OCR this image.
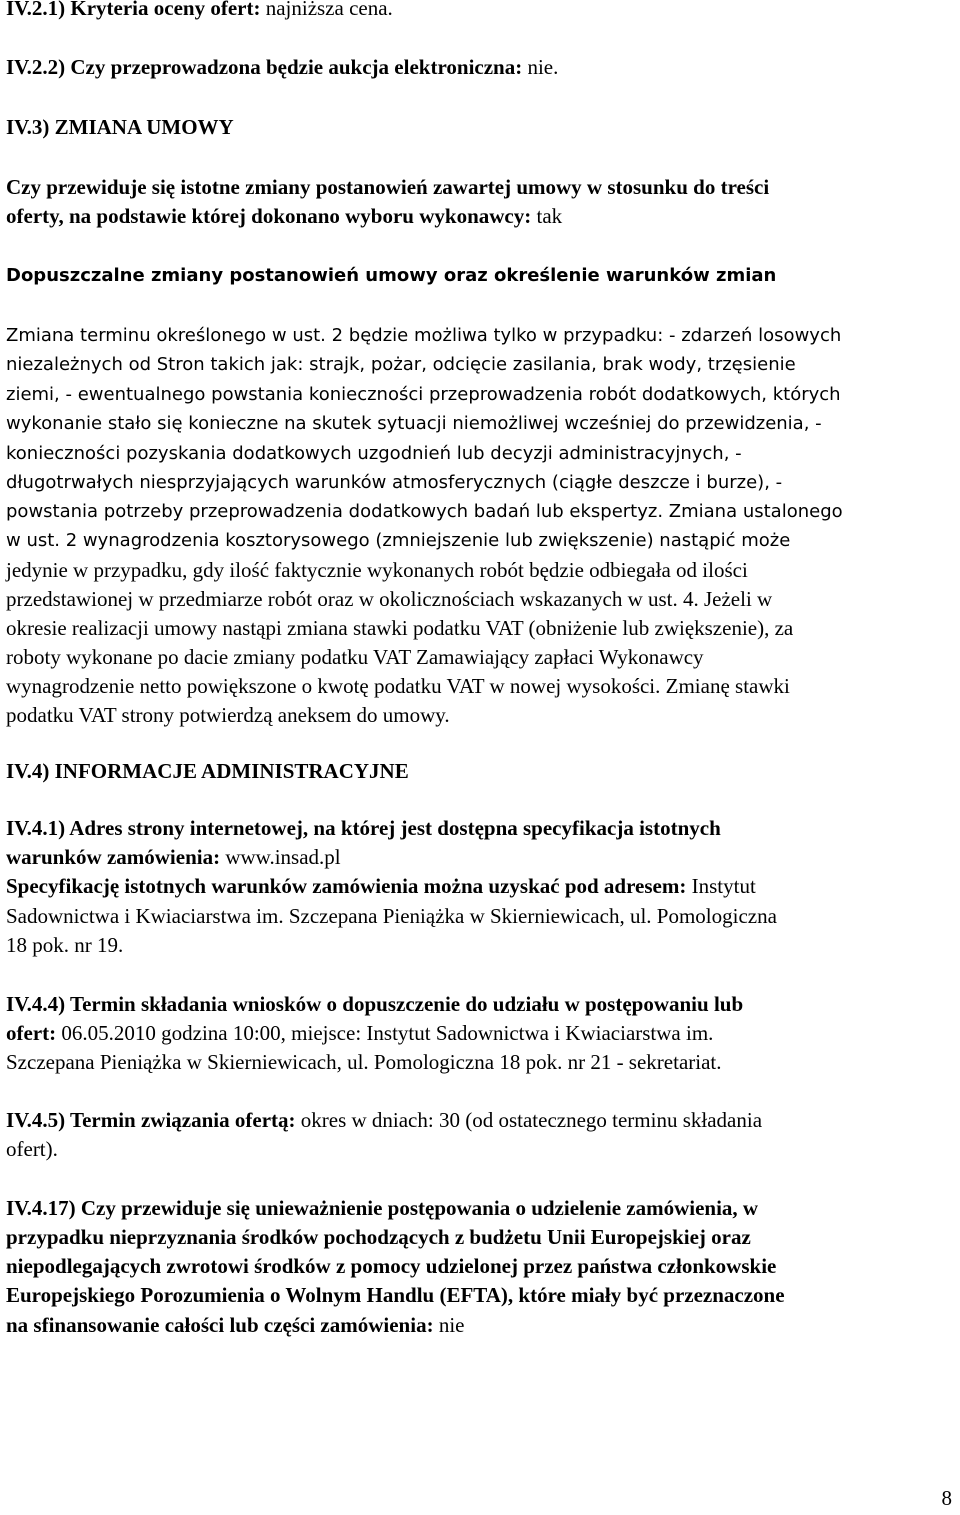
IV.2.1) Kryteria oceny ofert: najniższa cena.
IV.2.2) Czy przeprowadzona będzie aukcja elektroniczna: nie.
IV.3) ZMIANA UMOWY
Czy przewiduje się istotne zmiany postanowień zawartej umowy w stosunku do treści
oferty, na podstawie której dokonano wyboru wykonawcy: tak
Dopuszczalne zmiany postanowień umowy oraz określenie warunków zmian
Zmiana terminu określonego w ust. 2 będzie możliwa tylko w przypadku: - zdarzeń losowych
niezależnych od Stron takich jak: strajk, pożar, odcięcie zasilania, brak wody, trzęsienie
ziemi, - ewentualnego powstania konieczności przeprowadzenia robót dodatkowych, których
wykonanie stało się konieczne na skutek sytuacji niemożliwej wcześniej do przewidzenia, -
konieczności pozyskania dodatkowych uzgodnień lub decyzji administracyjnych, -
długotrwałych niesprzyjających warunków atmosferycznych (ciągłe deszcze i burze), -
powstania potrzeby przeprowadzenia dodatkowych badań lub ekspertyz. Zmiana ustalonego
w ust. 2 wynagrodzenia kosztorysowego (zmniejszenie lub zwiększenie) nastąpić może
jedynie w przypadku, gdy ilość faktycznie wykonanych robót będzie odbiegała od ilości
przedstawionej w przedmiarze robót oraz w okolicznościach wskazanych w ust. 4. Jeżeli w
okresie realizacji umowy nastąpi zmiana stawki podatku VAT (obniżenie lub zwiększenie), za
roboty wykonane po dacie zmiany podatku VAT Zamawiający zapłaci Wykonawcy
wynagrodzenie netto powiększone o kwotę podatku VAT w nowej wysokości. Zmianę stawki
podatku VAT strony potwierdzą aneksem do umowy.
IV.4) INFORMACJE ADMINISTRACYJNE
IV.4.1) Adres strony internetowej, na której jest dostępna specyfikacja istotnych
warunków zamówienia: www.insad.pl
Specyfikację istotnych warunków zamówienia można uzyskać pod adresem: Instytut
Sadownictwa i Kwiaciarstwa im. Szczepana Pieniążka w Skierniewicach, ul. Pomologiczna
18 pok. nr 19.
IV.4.4) Termin składania wniosków o dopuszczenie do udziału w postępowaniu lub
ofert: 06.05.2010 godzina 10:00, miejsce: Instytut Sadownictwa i Kwiaciarstwa im.
Szczepana Pieniążka w Skierniewicach, ul. Pomologiczna 18 pok. nr 21 - sekretariat.
IV.4.5) Termin związania ofertą: okres w dniach: 30 (od ostatecznego terminu składania
ofert).
IV.4.17) Czy przewiduje się unieważnienie postępowania o udzielenie zamówienia, w
przypadku nieprzyznania środków pochodzących z budżetu Unii Europejskiej oraz
niepodlegających zwrotowi środków z pomocy udzielonej przez państwa członkowskie
Europejskiego Porozumienia o Wolnym Handlu (EFTA), które miały być przeznaczone
na sfinansowanie całości lub części zamówienia: nie
8
